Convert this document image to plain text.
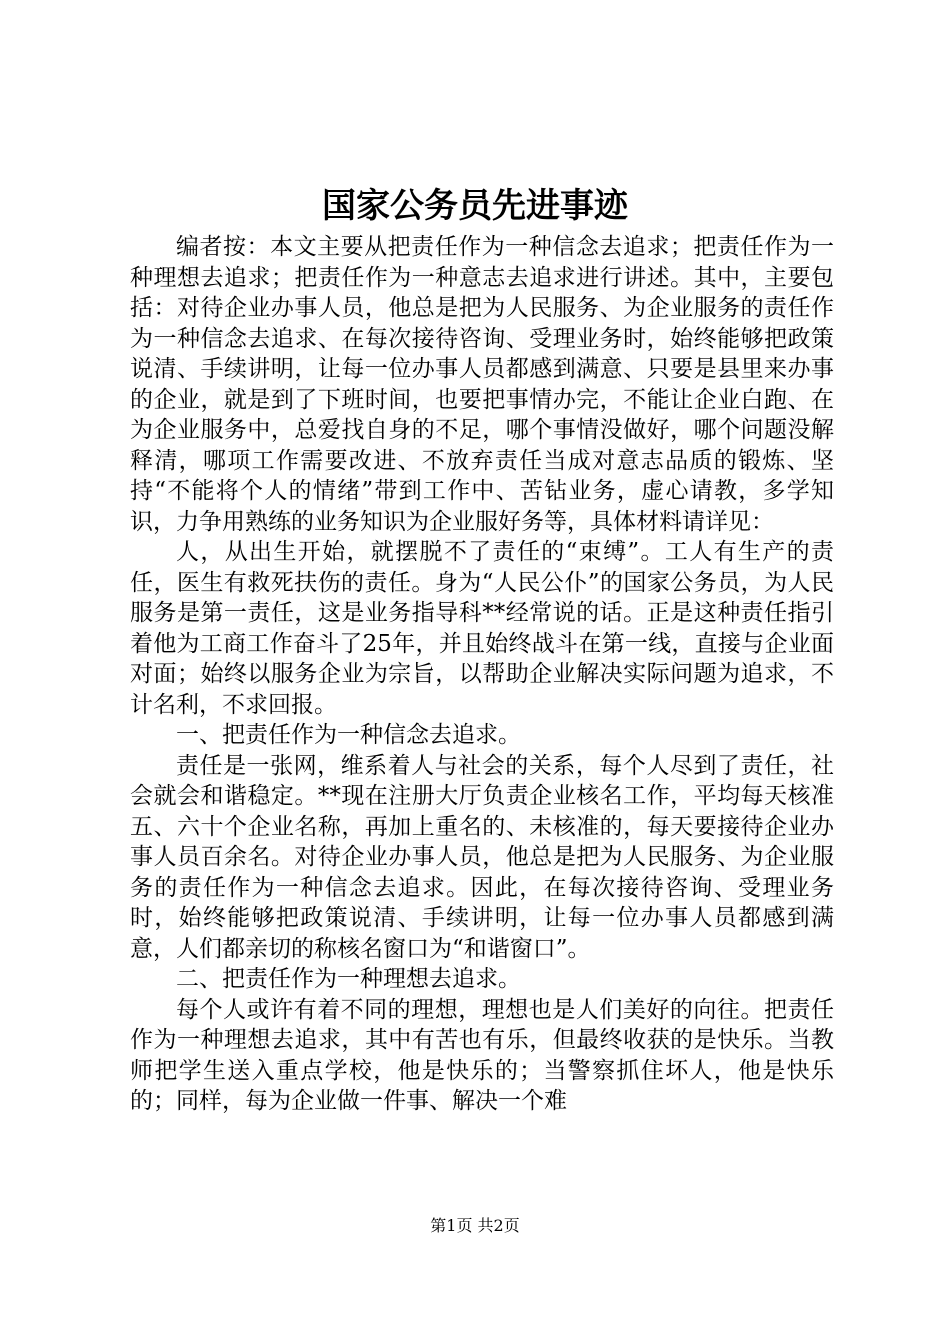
国家公务员先进事迹

编者按：本文主要从把责任作为一种信念去追求；把责任作为一种理想去追求；把责任作为一种意志去追求进行讲述。其中，主要包括：对待企业办事人员，他总是把为人民服务、为企业服务的责任作为一种信念去追求、在每次接待咨询、受理业务时，始终能够把政策说清、手续讲明，让每一位办事人员都感到满意、只要是县里来办事的企业，就是到了下班时间，也要把事情办完，不能让企业白跑、在为企业服务中，总爱找自身的不足，哪个事情没做好，哪个问题没解释清，哪项工作需要改进、不放弃责任当成对意志品质的锻炼、坚持“不能将个人的情绪”带到工作中、苦钻业务，虚心请教，多学知识，力争用熟练的业务知识为企业服好务等，具体材料请详见：

人，从出生开始，就摆脱不了责任的“束缚”。工人有生产的责任，医生有救死扶伤的责任。身为“人民公仆”的国家公务员，为人民服务是第一责任，这是业务指导科**经常说的话。正是这种责任指引着他为工商工作奋斗了25年，并且始终战斗在第一线，直接与企业面对面；始终以服务企业为宗旨，以帮助企业解决实际问题为追求，不计名利，不求回报。

一、把责任作为一种信念去追求。

责任是一张网，维系着人与社会的关系，每个人尽到了责任，社会就会和谐稳定。**现在注册大厅负责企业核名工作，平均每天核准五、六十个企业名称，再加上重名的、未核准的，每天要接待企业办事人员百余名。对待企业办事人员，他总是把为人民服务、为企业服务的责任作为一种信念去追求。因此，在每次接待咨询、受理业务时，始终能够把政策说清、手续讲明，让每一位办事人员都感到满意，人们都亲切的称核名窗口为“和谐窗口”。

二、把责任作为一种理想去追求。

每个人或许有着不同的理想，理想也是人们美好的向往。把责任作为一种理想去追求，其中有苦也有乐，但最终收获的是快乐。当教师把学生送入重点学校，他是快乐的；当警察抓住坏人，他是快乐的；同样，每为企业做一件事、解决一个难

第1页 共2页
